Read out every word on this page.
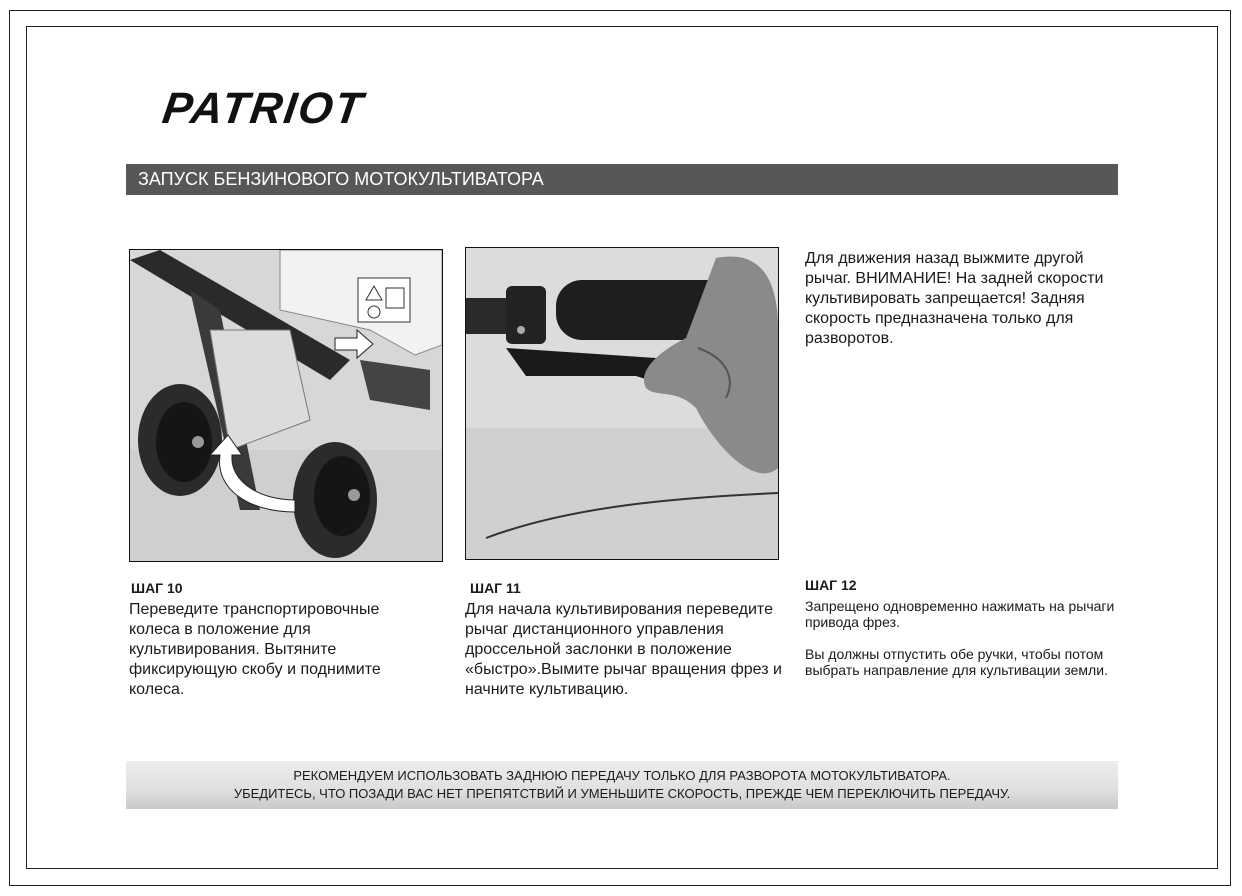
PATRIOT
ЗАПУСК БЕНЗИНОВОГО МОТОКУЛЬТИВАТОРА
Для движения назад выжмите другой рычаг. ВНИМАНИЕ! На задней скорости культивировать запрещается! Задняя скорость предназначена только для разворотов.
ШАГ 10
Переведите транспортировочные колеса в положение для культивирования. Вытяните фиксирующую скобу и поднимите колеса.
ШАГ 11
Для начала культивирования переведите рычаг дистанционного управления дроссельной заслонки в положение «быстро».Вымите рычаг вращения фрез и начните культивацию.
ШАГ 12
Запрещено одновременно нажимать на рычаги привода фрез.
Вы должны отпустить обе ручки, чтобы потом выбрать направление для культивации земли.
РЕКОМЕНДУЕМ ИСПОЛЬЗОВАТЬ ЗАДНЮЮ ПЕРЕДАЧУ ТОЛЬКО ДЛЯ РАЗВОРОТА МОТОКУЛЬТИВАТОРА.
УБЕДИТЕСЬ, ЧТО ПОЗАДИ ВАС НЕТ ПРЕПЯТСТВИЙ И УМЕНЬШИТЕ СКОРОСТЬ, ПРЕЖДЕ ЧЕМ ПЕРЕКЛЮЧИТЬ ПЕРЕДАЧУ.
